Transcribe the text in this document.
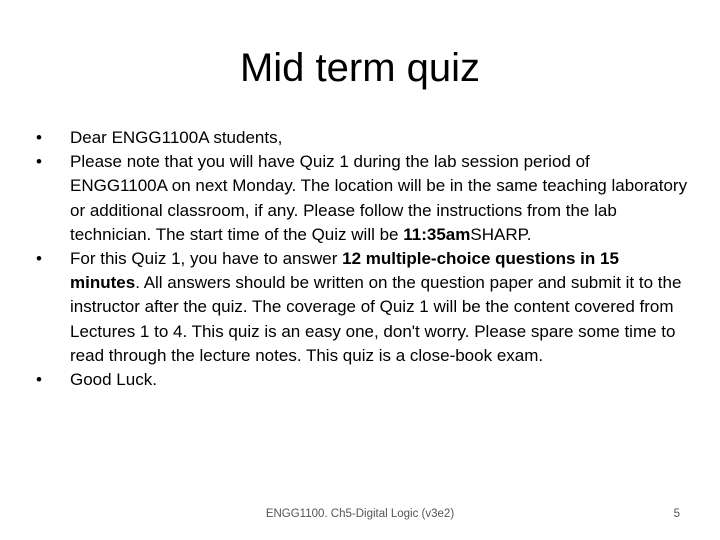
Mid term quiz
•	Dear ENGG1100A students,
•	Please note that you will have Quiz 1 during the lab session period of ENGG1100A on next Monday. The location will be in the same teaching laboratory or additional classroom, if any. Please follow the instructions from the lab technician. The start time of the Quiz will be 11:35amSHARP.
•	For this Quiz 1, you have to answer 12 multiple-choice questions in 15 minutes. All answers should be written on the question paper and submit it to the instructor after the quiz. The coverage of Quiz 1 will be the content covered from Lectures 1 to 4. This quiz is an easy one, don't worry. Please spare some time to read through the lecture notes. This quiz is a close-book exam.
•	Good Luck.
ENGG1100. Ch5-Digital Logic (v3e2)	5
